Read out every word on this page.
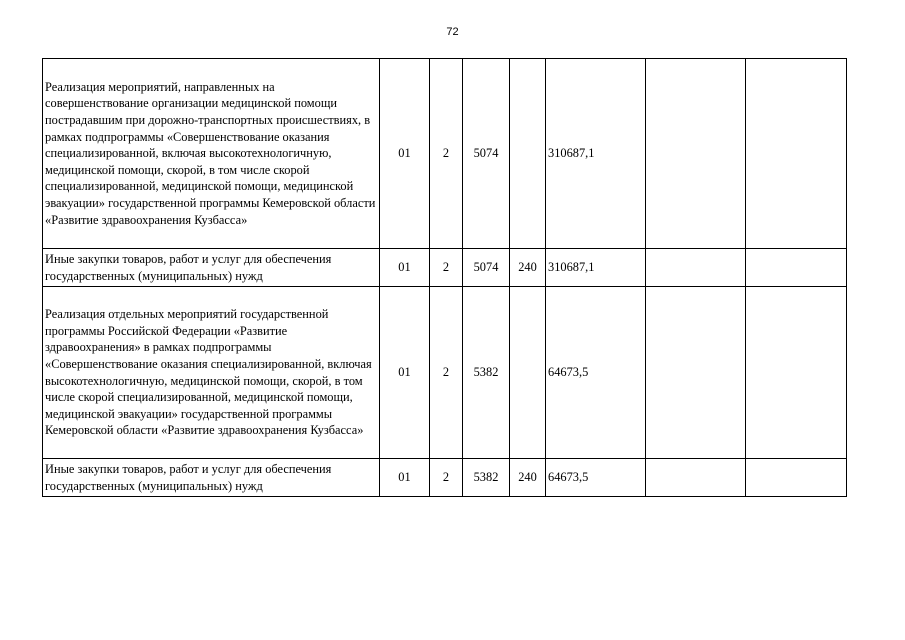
72
Реализация мероприятий, направленных на совершенствование организации медицинской помощи пострадавшим при дорожно-транспортных происшествиях, в рамках подпрограммы «Совершенствование оказания специализированной, включая высокотехнологичную, медицинской помощи, скорой, в том числе скорой специализированной, медицинской помощи, медицинской эвакуации» государственной программы Кемеровской области «Развитие здравоохранения Кузбасса»	01	2	5074		310687,1		
Иные закупки товаров, работ и услуг для обеспечения государственных (муниципальных) нужд	01	2	5074	240	310687,1		
Реализация отдельных мероприятий государственной программы Российской Федерации «Развитие здравоохранения» в рамках подпрограммы «Совершенствование оказания специализированной, включая высокотехнологичную, медицинской помощи, скорой, в том числе скорой специализированной, медицинской помощи, медицинской эвакуации» государственной программы Кемеровской области «Развитие здравоохранения Кузбасса»	01	2	5382		64673,5		
Иные закупки товаров, работ и услуг для обеспечения государственных (муниципальных) нужд	01	2	5382	240	64673,5		
